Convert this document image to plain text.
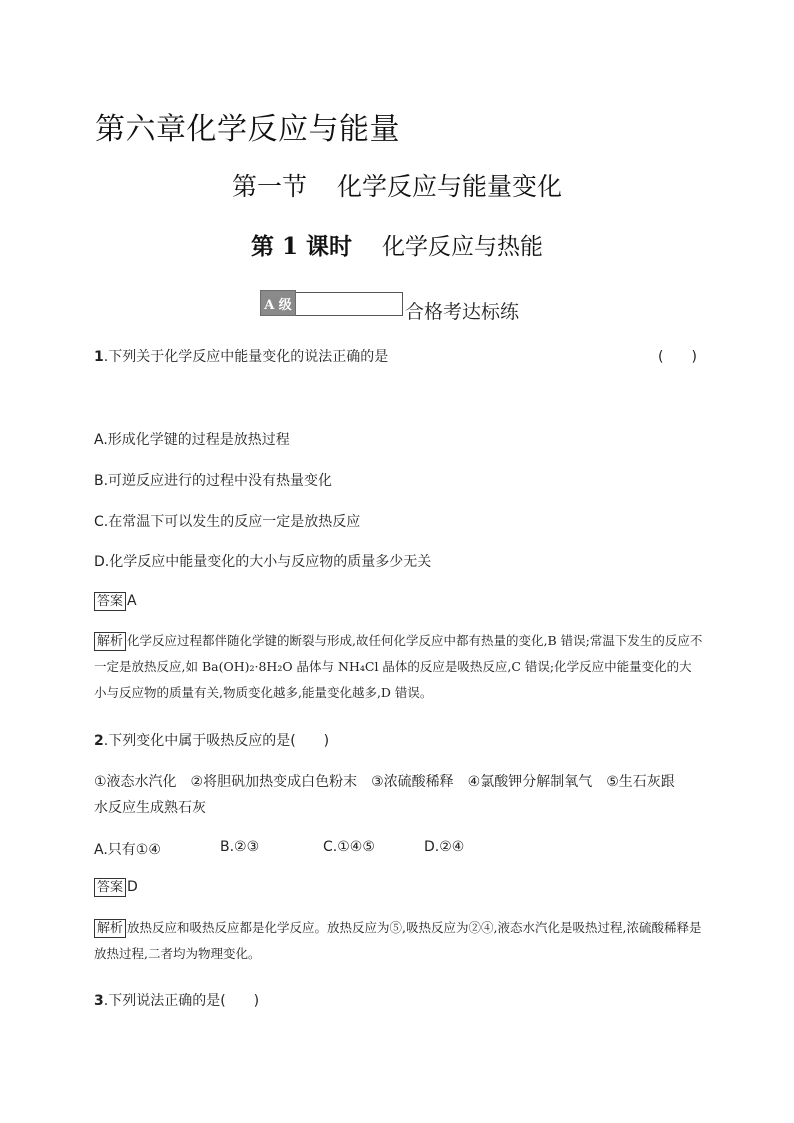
第六章化学反应与能量
第一节 化学反应与能量变化
第 1 课时 化学反应与热能
A 级	合格考达标练
1.下列关于化学反应中能量变化的说法正确的是	(　　)
A.形成化学键的过程是放热过程
B.可逆反应进行的过程中没有热量变化
C.在常温下可以发生的反应一定是放热反应
D.化学反应中能量变化的大小与反应物的质量多少无关
答案 A
解析 化学反应过程都伴随化学键的断裂与形成,故任何化学反应中都有热量的变化,B 错误;常温下发生的反应不一定是放热反应,如 Ba(OH)₂·8H₂O 晶体与 NH₄Cl 晶体的反应是吸热反应,C 错误;化学反应中能量变化的大小与反应物的质量有关,物质变化越多,能量变化越多,D 错误。
2.下列变化中属于吸热反应的是(　　)
①液态水汽化　②将胆矾加热变成白色粉末　③浓硫酸稀释　④氯酸钾分解制氧气　⑤生石灰跟
水反应生成熟石灰
A.只有①④	B.②③	C.①④⑤	D.②④
答案 D
解析 放热反应和吸热反应都是化学反应。放热反应为⑤,吸热反应为②④,液态水汽化是吸热过程,浓硫酸稀释是放热过程,二者均为物理变化。
3.下列说法正确的是(　　)
